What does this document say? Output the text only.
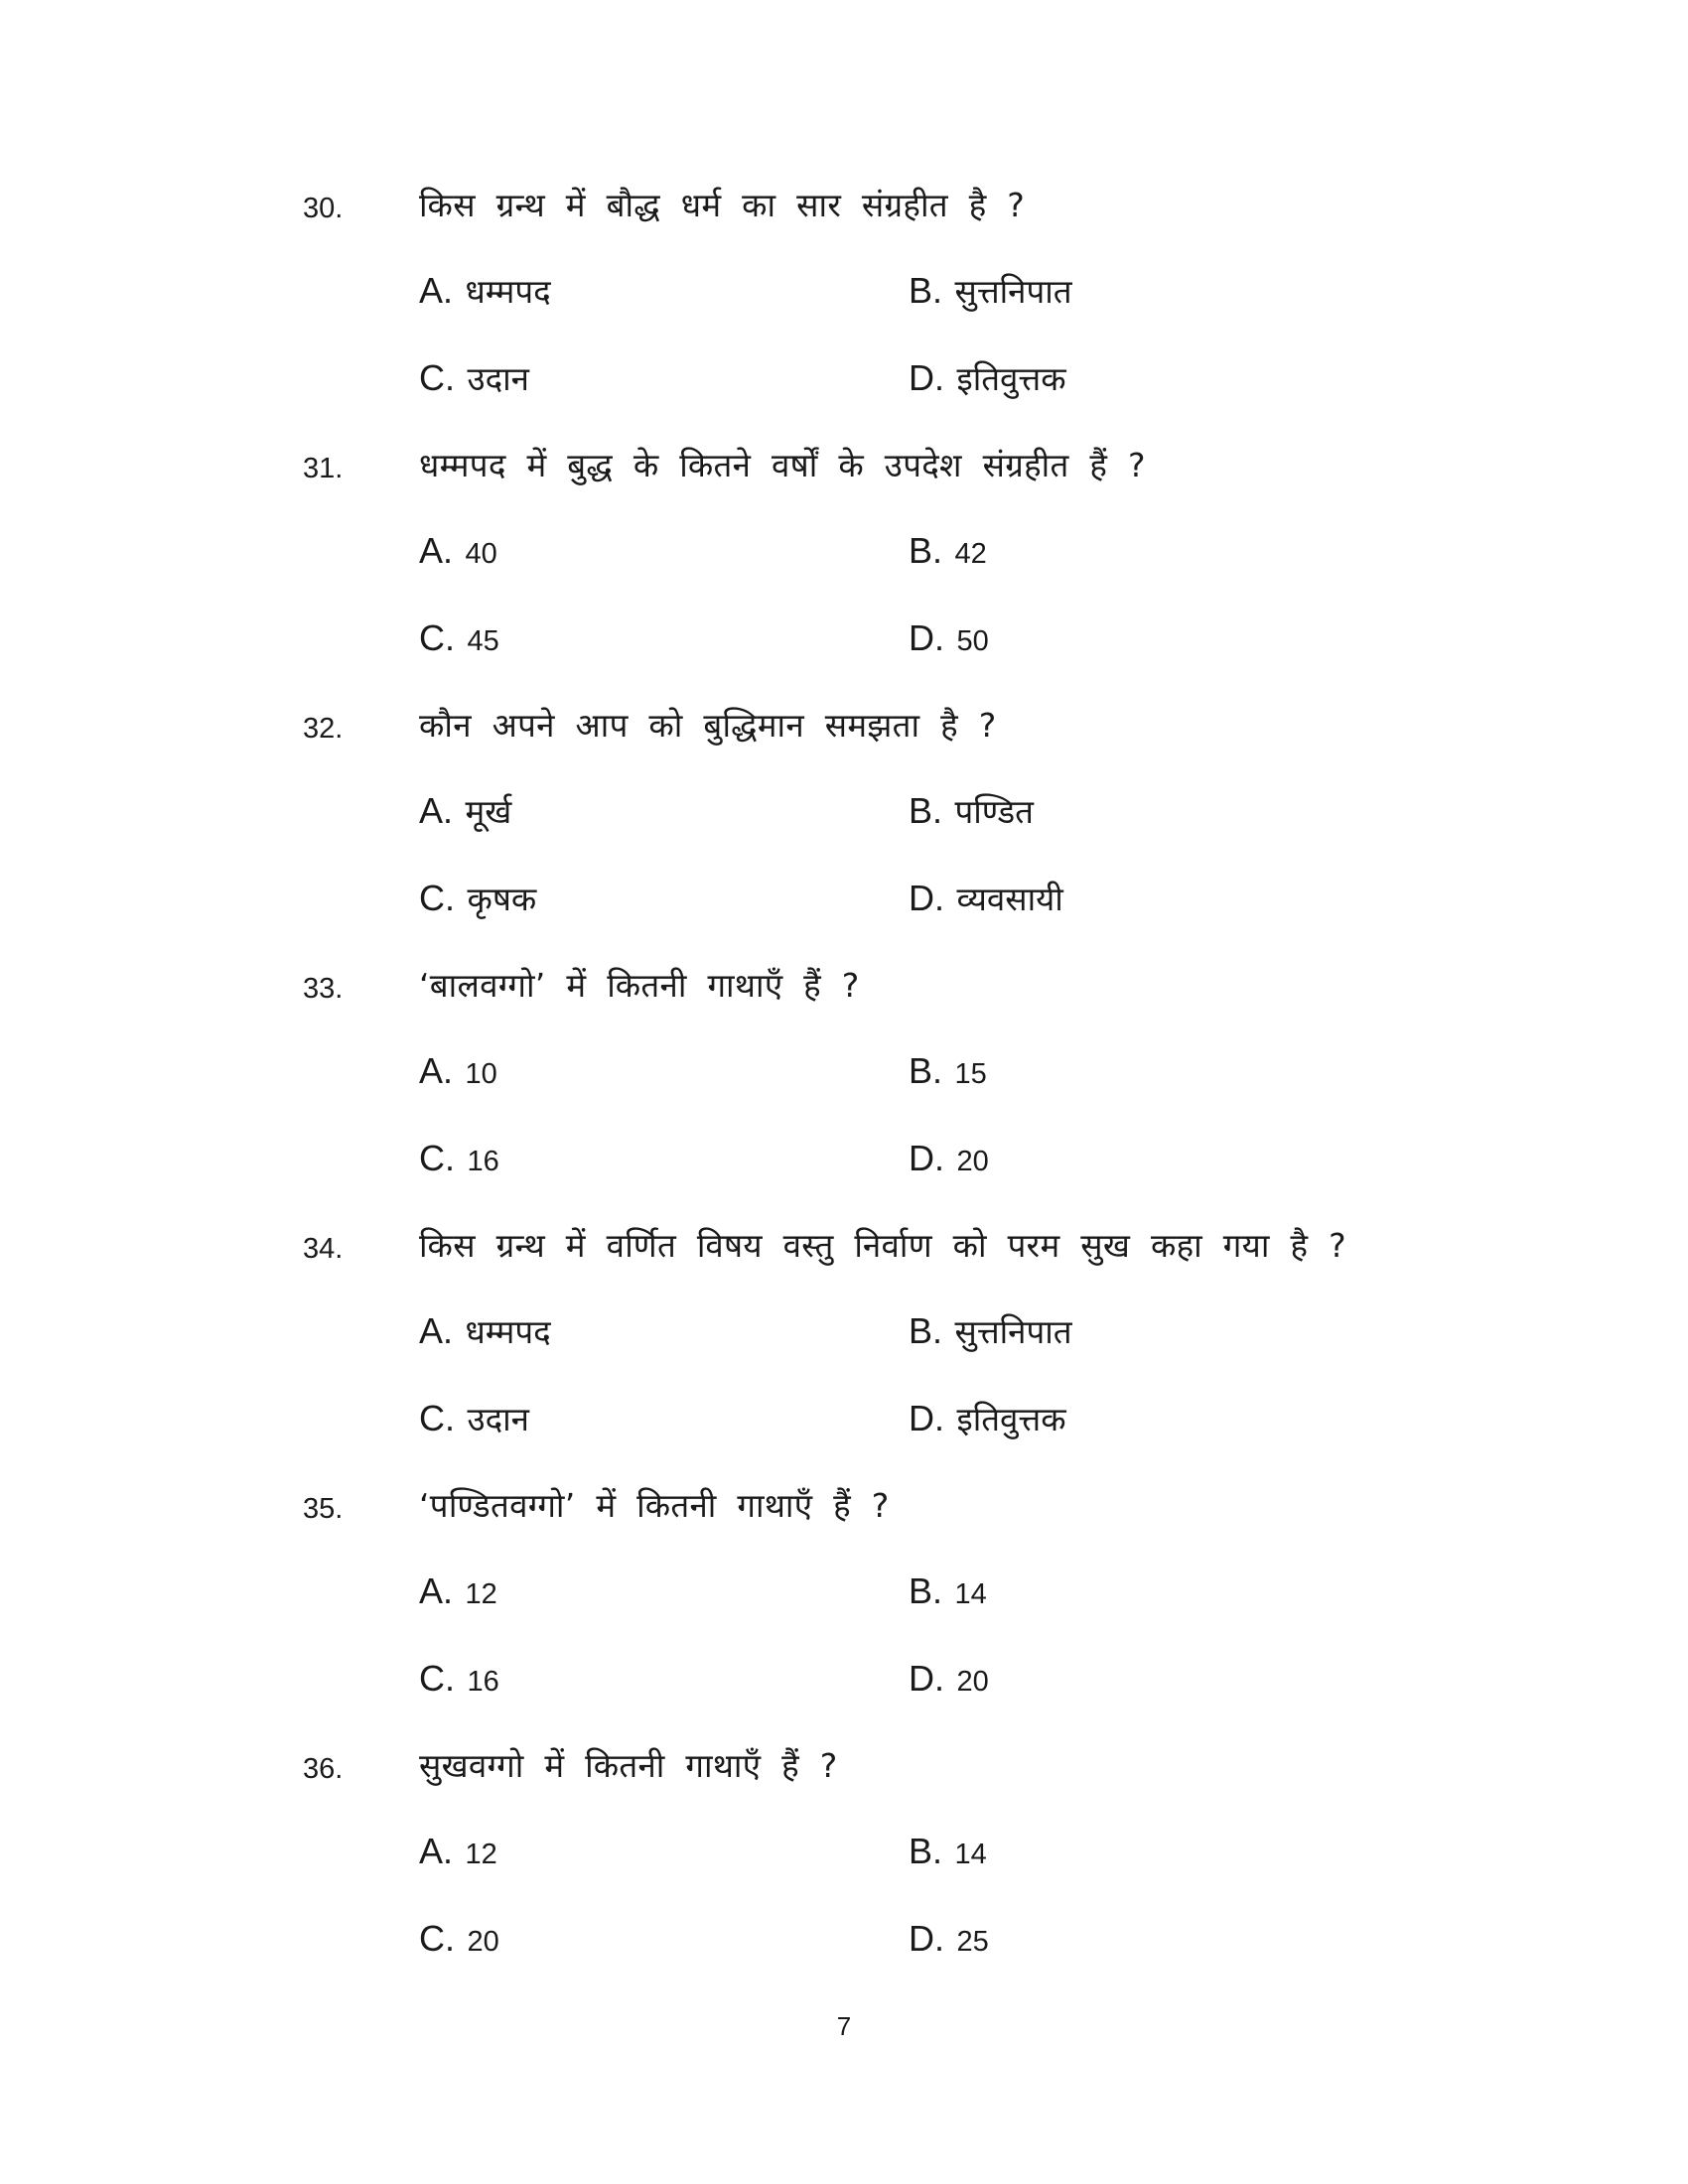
30. किस ग्रन्थ में बौद्ध धर्म का सार संग्रहीत है ?
A. धम्मपद	B. सुत्तनिपात
C. उदान	D. इतिवुत्तक
31. धम्मपद में बुद्ध के कितने वर्षों के उपदेश संग्रहीत हैं ?
A. 40	B. 42
C. 45	D. 50
32. कौन अपने आप को बुद्धिमान समझता है ?
A. मूर्ख	B. पण्डित
C. कृषक	D. व्यवसायी
33. ‘बालवग्गो’ में कितनी गाथाएँ हैं ?
A. 10	B. 15
C. 16	D. 20
34. किस ग्रन्थ में वर्णित विषय वस्तु निर्वाण को परम सुख कहा गया है ?
A. धम्मपद	B. सुत्तनिपात
C. उदान	D. इतिवुत्तक
35. ‘पण्डितवग्गो’ में कितनी गाथाएँ हैं ?
A. 12	B. 14
C. 16	D. 20
36. सुखवग्गो में कितनी गाथाएँ हैं ?
A. 12	B. 14
C. 20	D. 25
7
